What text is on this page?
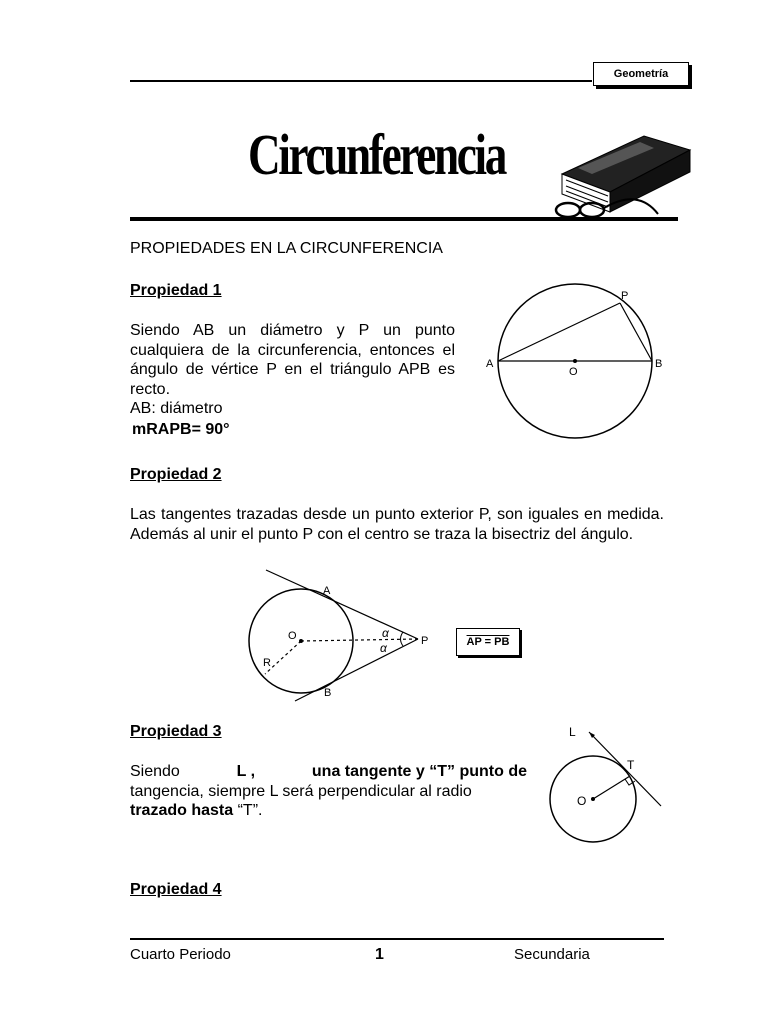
Geometría
Circunferencia
PROPIEDADES EN LA CIRCUNFERENCIA
Propiedad 1
Siendo AB un diámetro y P un punto cualquiera de la circunferencia, entonces el ángulo de vértice P en el triángulo APB es recto.
AB: diámetro
mRAPB= 90°
A	B
P
O
Propiedad 2
Las tangentes trazadas desde un punto exterior P, son iguales en medida. Además al unir el punto P con el centro se traza la bisectriz del ángulo.
A
B
P
O
R
α
α	AP = PB
Propiedad 3
Siendo	L ,	una tangente y “T” punto de
tangencia, siempre L será perpendicular al radio
trazado hasta “T”.
L
T
O
Propiedad 4
Cuarto Periodo	1	Secundaria
